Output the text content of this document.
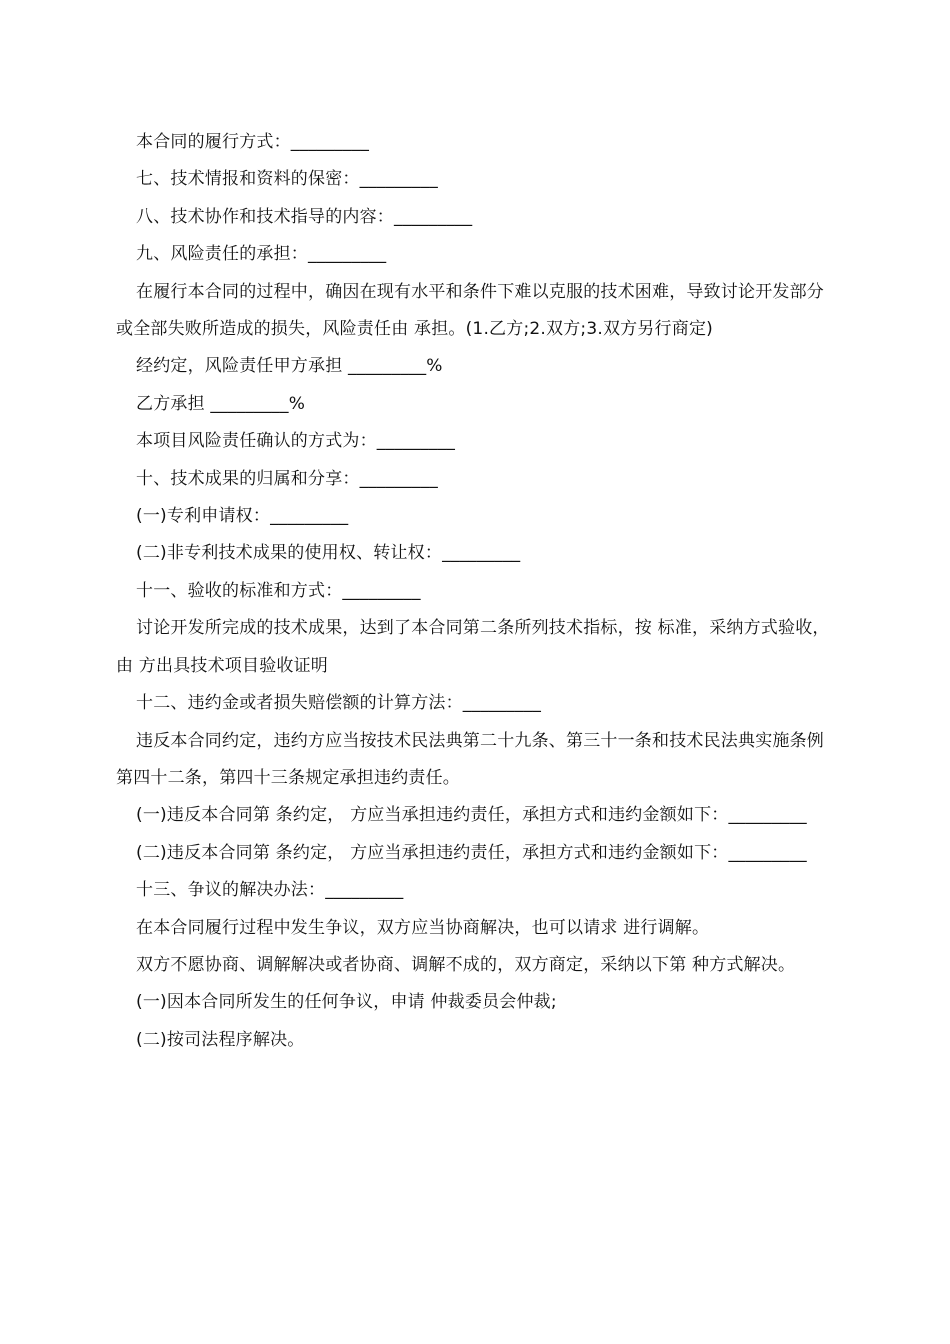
本合同的履行方式：_________
七、技术情报和资料的保密：_________
八、技术协作和技术指导的内容：_________
九、风险责任的承担：_________
在履行本合同的过程中，确因在现有水平和条件下难以克服的技术困难，导致讨论开发部分或全部失败所造成的损失，风险责任由 承担。(1.乙方;2.双方;3.双方另行商定)
经约定，风险责任甲方承担 _________%
乙方承担 _________%
本项目风险责任确认的方式为：_________
十、技术成果的归属和分享：_________
(一)专利申请权：_________
(二)非专利技术成果的使用权、转让权：_________
十一、验收的标准和方式：_________
讨论开发所完成的技术成果，达到了本合同第二条所列技术指标，按 标准，采纳方式验收，由 方出具技术项目验收证明
十二、违约金或者损失赔偿额的计算方法：_________
违反本合同约定，违约方应当按技术民法典第二十九条、第三十一条和技术民法典实施条例第四十二条，第四十三条规定承担违约责任。
(一)违反本合同第 条约定， 方应当承担违约责任，承担方式和违约金额如下：_________
(二)违反本合同第 条约定， 方应当承担违约责任，承担方式和违约金额如下：_________
十三、争议的解决办法：_________
在本合同履行过程中发生争议，双方应当协商解决，也可以请求 进行调解。
双方不愿协商、调解解决或者协商、调解不成的，双方商定，采纳以下第 种方式解决。
(一)因本合同所发生的任何争议，申请 仲裁委员会仲裁;
(二)按司法程序解决。
